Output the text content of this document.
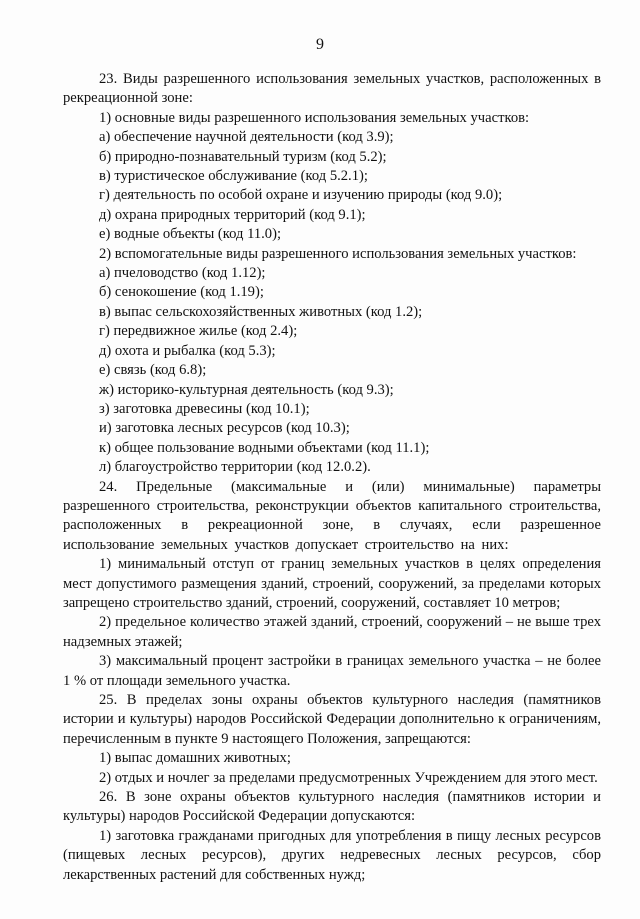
9

23. Виды разрешенного использования земельных участков, расположенных в рекреационной зоне:

1) основные виды разрешенного использования земельных участков:

а) обеспечение научной деятельности (код 3.9);

б) природно-познавательный туризм (код 5.2);

в) туристическое обслуживание (код 5.2.1);

г) деятельность по особой охране и изучению природы (код 9.0);

д) охрана природных территорий (код 9.1);

е) водные объекты (код 11.0);

2) вспомогательные виды разрешенного использования земельных участков:

а) пчеловодство (код 1.12);

б) сенокошение (код 1.19);

в) выпас сельскохозяйственных животных (код 1.2);

г) передвижное жилье (код 2.4);

д) охота и рыбалка (код 5.3);

е) связь (код 6.8);

ж) историко-культурная деятельность (код 9.3);

з) заготовка древесины (код 10.1);

и) заготовка лесных ресурсов (код 10.3);

к) общее пользование водными объектами (код 11.1);

л) благоустройство территории (код 12.0.2).

24. Предельные (максимальные и (или) минимальные) параметры разрешенного строительства, реконструкции объектов капитального строительства, расположенных в рекреационной зоне, в случаях, если разрешенное использование земельных участков допускает строительство на них:

1) минимальный отступ от границ земельных участков в целях определения мест допустимого размещения зданий, строений, сооружений, за пределами которых запрещено строительство зданий, строений, сооружений, составляет 10 метров;

2) предельное количество этажей зданий, строений, сооружений – не выше трех надземных этажей;

3) максимальный процент застройки в границах земельного участка – не более 1 % от площади земельного участка.

25. В пределах зоны охраны объектов культурного наследия (памятников истории и культуры) народов Российской Федерации дополнительно к ограничениям, перечисленным в пункте 9 настоящего Положения, запрещаются:

1) выпас домашних животных;

2) отдых и ночлег за пределами предусмотренных Учреждением для этого мест.

26. В зоне охраны объектов культурного наследия (памятников истории и культуры) народов Российской Федерации допускаются:

1) заготовка гражданами пригодных для употребления в пищу лесных ресурсов (пищевых лесных ресурсов), других недревесных лесных ресурсов, сбор лекарственных растений для собственных нужд;
